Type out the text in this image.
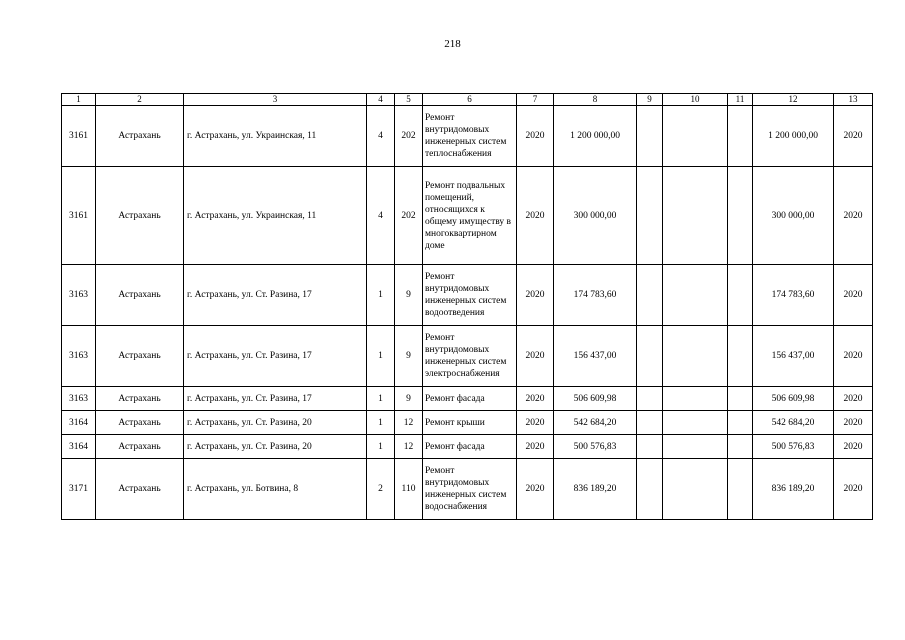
218
1	2	3	4	5	6	7	8	9	10	11	12	13
3161	Астрахань	г. Астрахань, ул. Украинская, 11	4	202	Ремонт внутридомовых инженерных систем теплоснабжения	2020	1 200 000,00				1 200 000,00	2020
3161	Астрахань	г. Астрахань, ул. Украинская, 11	4	202	Ремонт подвальных помещений, относящихся к общему имуществу в многоквартирном доме	2020	300 000,00				300 000,00	2020
3163	Астрахань	г. Астрахань, ул. Ст. Разина, 17	1	9	Ремонт внутридомовых инженерных систем водоотведения	2020	174 783,60				174 783,60	2020
3163	Астрахань	г. Астрахань, ул. Ст. Разина, 17	1	9	Ремонт внутридомовых инженерных систем электроснабжения	2020	156 437,00				156 437,00	2020
3163	Астрахань	г. Астрахань, ул. Ст. Разина, 17	1	9	Ремонт фасада	2020	506 609,98				506 609,98	2020
3164	Астрахань	г. Астрахань, ул. Ст. Разина, 20	1	12	Ремонт крыши	2020	542 684,20				542 684,20	2020
3164	Астрахань	г. Астрахань, ул. Ст. Разина, 20	1	12	Ремонт фасада	2020	500 576,83				500 576,83	2020
3171	Астрахань	г. Астрахань, ул. Ботвина, 8	2	110	Ремонт внутридомовых инженерных систем водоснабжения	2020	836 189,20				836 189,20	2020
